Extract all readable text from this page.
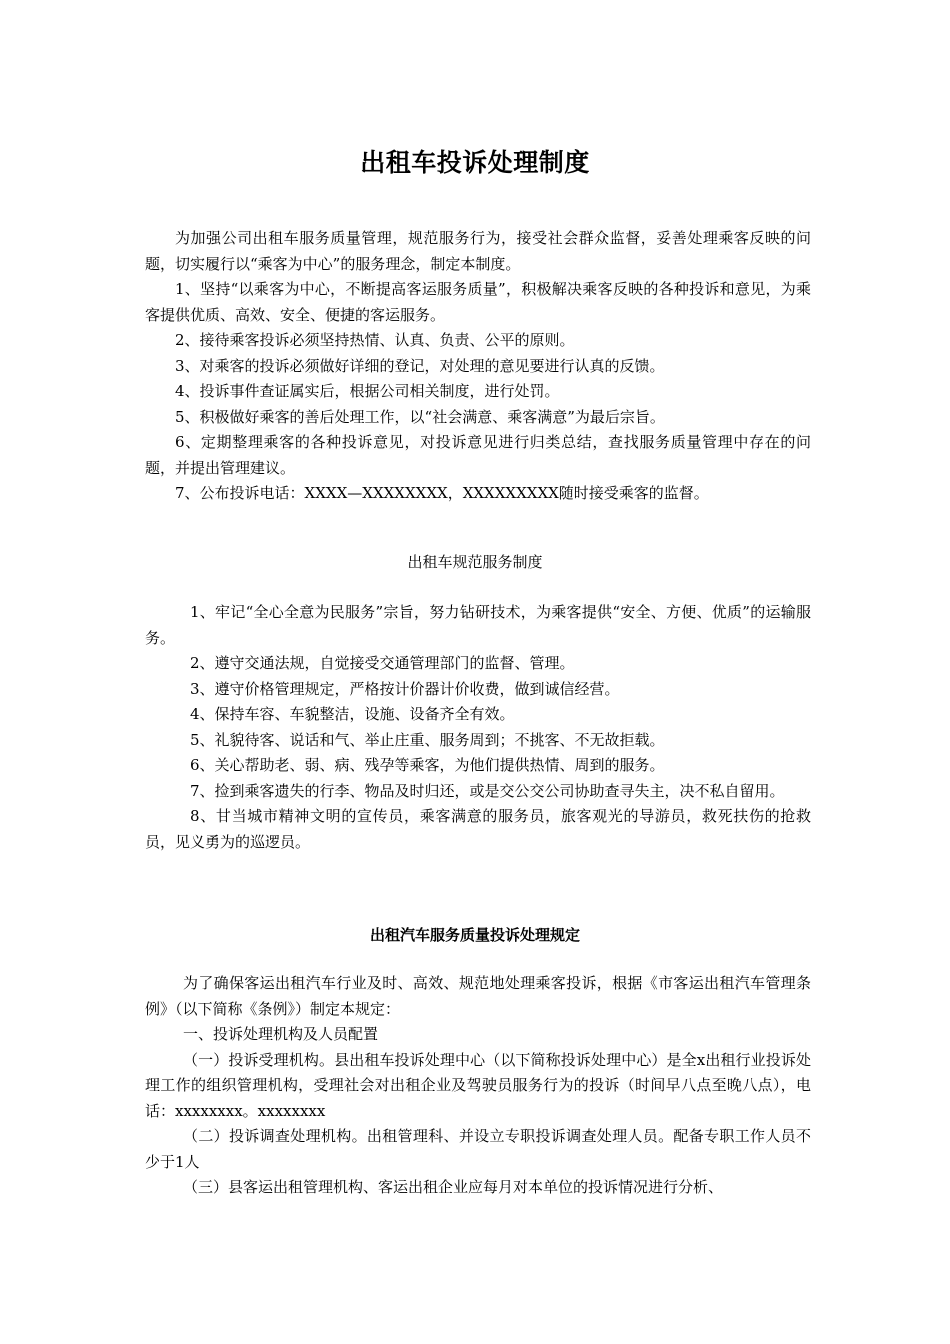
出租车投诉处理制度

为加强公司出租车服务质量管理，规范服务行为，接受社会群众监督，妥善处理乘客反映的问题，切实履行以“乘客为中心”的服务理念，制定本制度。

1、坚持“以乘客为中心，不断提高客运服务质量”，积极解决乘客反映的各种投诉和意见，为乘客提供优质、高效、安全、便捷的客运服务。

2、接待乘客投诉必须坚持热情、认真、负责、公平的原则。

3、对乘客的投诉必须做好详细的登记，对处理的意见要进行认真的反馈。

4、投诉事件查证属实后，根据公司相关制度，进行处罚。

5、积极做好乘客的善后处理工作，以“社会满意、乘客满意”为最后宗旨。

6、定期整理乘客的各种投诉意见，对投诉意见进行归类总结，查找服务质量管理中存在的问题，并提出管理建议。

7、公布投诉电话：XXXX—XXXXXXXX，XXXXXXXXX随时接受乘客的监督。

出租车规范服务制度

1、牢记“全心全意为民服务”宗旨，努力钻研技术，为乘客提供“安全、方便、优质”的运输服务。

2、遵守交通法规，自觉接受交通管理部门的监督、管理。

3、遵守价格管理规定，严格按计价器计价收费，做到诚信经营。

4、保持车容、车貌整洁，设施、设备齐全有效。

5、礼貌待客、说话和气、举止庄重、服务周到；不挑客、不无故拒载。

6、关心帮助老、弱、病、残孕等乘客，为他们提供热情、周到的服务。

7、捡到乘客遗失的行李、物品及时归还，或是交公交公司协助查寻失主，决不私自留用。

8、甘当城市精神文明的宣传员，乘客满意的服务员，旅客观光的导游员，救死扶伤的抢救员，见义勇为的巡逻员。

出租汽车服务质量投诉处理规定

为了确保客运出租汽车行业及时、高效、规范地处理乘客投诉，根据《市客运出租汽车管理条例》（以下简称《条例》）制定本规定：

一、投诉处理机构及人员配置

（一）投诉受理机构。县出租车投诉处理中心（以下简称投诉处理中心）是全x出租行业投诉处理工作的组织管理机构，受理社会对出租企业及驾驶员服务行为的投诉（时间早八点至晚八点），电话：xxxxxxxx。xxxxxxxx

（二）投诉调查处理机构。出租管理科、并设立专职投诉调查处理人员。配备专职工作人员不少于1人

（三）县客运出租管理机构、客运出租企业应每月对本单位的投诉情况进行分析、
